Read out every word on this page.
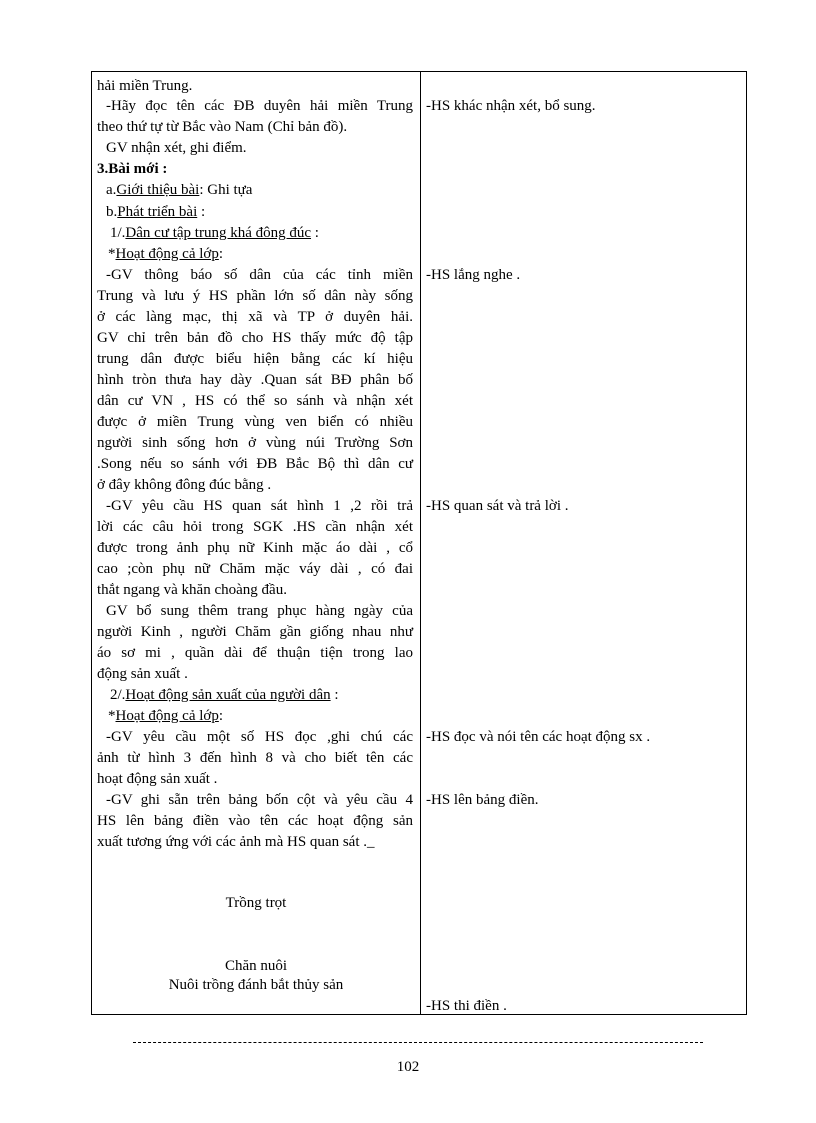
hải miền Trung.
-Hãy đọc tên các ĐB duyên hải miền Trung
theo thứ tự từ Bắc vào Nam (Chỉ bản đồ).
GV nhận xét, ghi điểm.
3.Bài mới :
a.Giới thiệu bài: Ghi tựa
b.Phát triển bài :
1/.Dân cư tập trung khá đông đúc :
*Hoạt động cả lớp:
-GV thông báo số dân của các tỉnh miền
Trung và lưu ý HS phần lớn số dân này sống
ở các làng mạc, thị xã và TP ở duyên hải.
GV chỉ trên bản đồ cho HS thấy mức độ tập
trung dân được biểu hiện bằng các kí hiệu
hình tròn thưa hay dày .Quan sát BĐ phân bố
dân cư VN , HS có thể so sánh và nhận xét
được ở miền Trung vùng ven biển có nhiều
người sinh sống hơn ở vùng núi Trường Sơn
.Song nếu so sánh với ĐB Bắc Bộ thì dân cư
ở đây không đông đúc bằng .
-GV yêu cầu HS quan sát hình 1 ,2 rồi trả
lời các câu hỏi trong SGK .HS cần nhận xét
được trong ảnh phụ nữ Kinh mặc áo dài , cổ
cao ;còn phụ nữ Chăm mặc váy dài , có đai
thắt ngang và khăn choàng đầu.
GV bổ sung thêm trang phục hàng ngày của
người Kinh , người Chăm gần giống nhau như
áo sơ mi , quần dài để thuận tiện trong lao
động sản xuất .
2/.Hoạt động sản xuất của người dân :
*Hoạt động cả lớp:
-GV yêu cầu một số HS đọc ,ghi chú các
ảnh từ hình 3 đến hình 8 và cho biết tên các
hoạt động sản xuất .
-GV ghi sẵn trên bảng bốn cột và yêu cầu 4
HS lên bảng điền vào tên các hoạt động sản
xuất tương ứng với các ảnh mà HS quan sát ._
Trồng trọt
Chăn nuôi
Nuôi trồng đánh bắt thủy sản
-HS khác nhận xét, bổ sung.
-HS lắng nghe .
-HS quan sát và trả lời .
-HS đọc và nói tên các hoạt động sx .
-HS lên bảng điền.
-HS thi điền .
102
